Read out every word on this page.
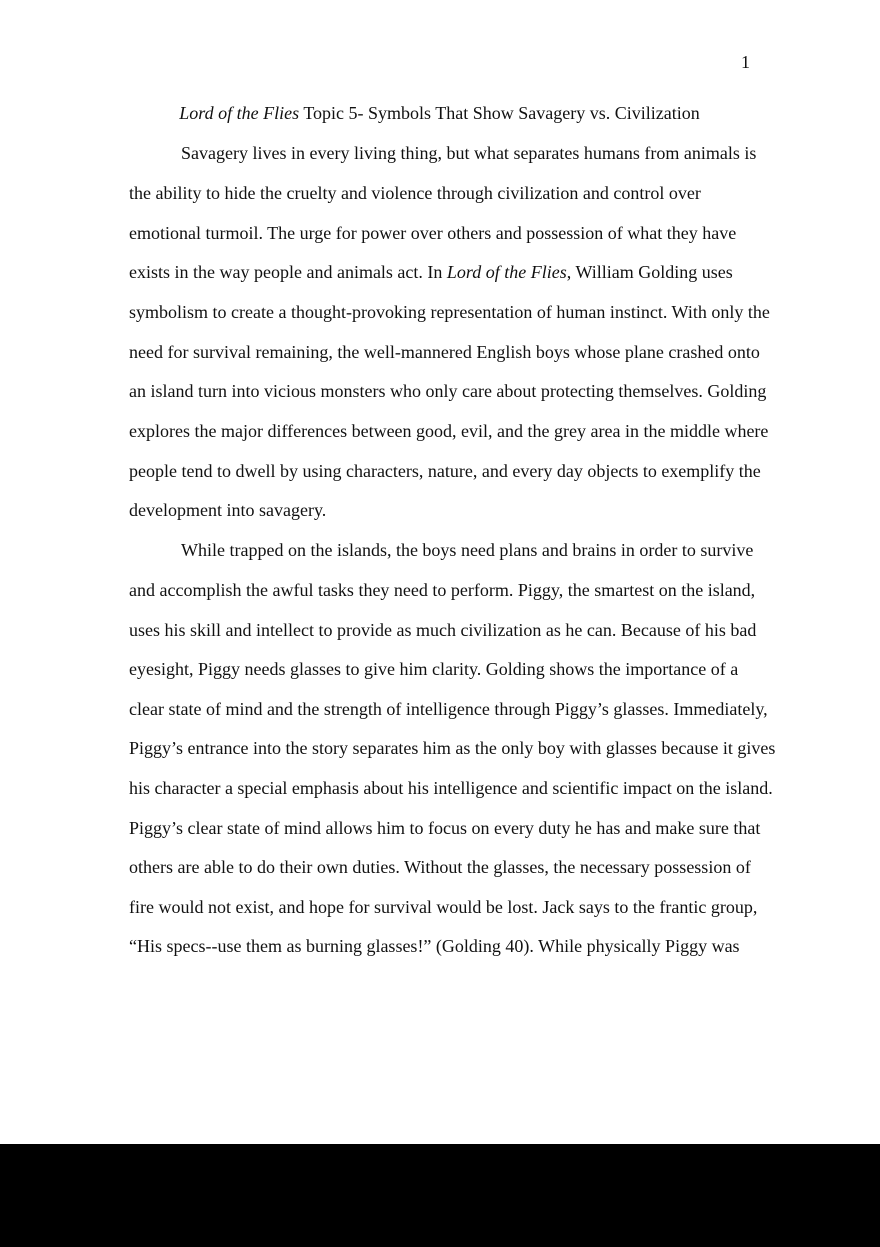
1
Lord of the Flies Topic 5- Symbols That Show Savagery vs. Civilization
Savagery lives in every living thing, but what separates humans from animals is
the ability to hide the cruelty and violence through civilization and control over
emotional turmoil. The urge for power over others and possession of what they have
exists in the way people and animals act. In Lord of the Flies, William Golding uses
symbolism to create a thought-provoking representation of human instinct. With only the
need for survival remaining, the well-mannered English boys whose plane crashed onto
an island turn into vicious monsters who only care about protecting themselves. Golding
explores the major differences between good, evil, and the grey area in the middle where
people tend to dwell by using characters, nature, and every day objects to exemplify the
development into savagery.
While trapped on the islands, the boys need plans and brains in order to survive
and accomplish the awful tasks they need to perform. Piggy, the smartest on the island,
uses his skill and intellect to provide as much civilization as he can. Because of his bad
eyesight, Piggy needs glasses to give him clarity. Golding shows the importance of a
clear state of mind and the strength of intelligence through Piggy’s glasses. Immediately,
Piggy’s entrance into the story separates him as the only boy with glasses because it gives
his character a special emphasis about his intelligence and scientific impact on the island.
Piggy’s clear state of mind allows him to focus on every duty he has and make sure that
others are able to do their own duties. Without the glasses, the necessary possession of
fire would not exist, and hope for survival would be lost. Jack says to the frantic group,
“His specs--use them as burning glasses!” (Golding 40). While physically Piggy was
